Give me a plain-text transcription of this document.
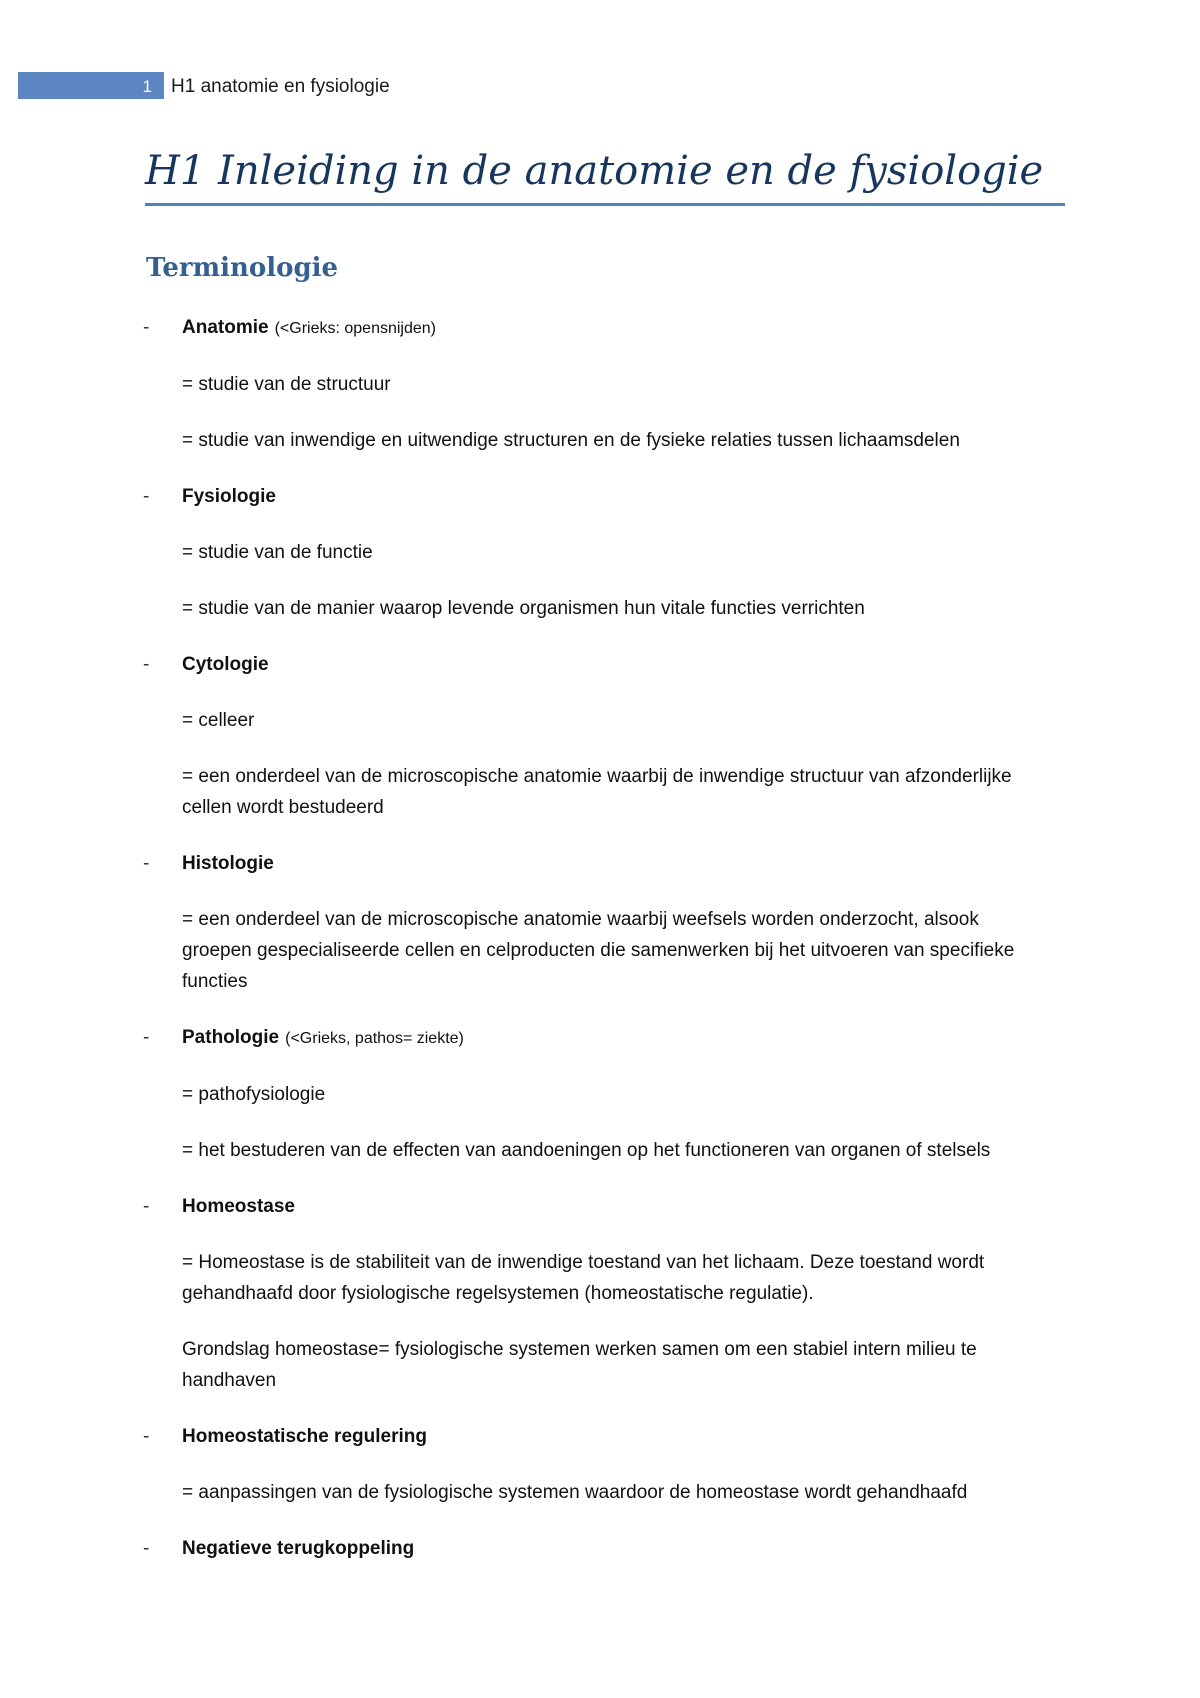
1 H1 anatomie en fysiologie
H1 Inleiding in de anatomie en de fysiologie
Terminologie
- Anatomie (<Grieks: opensnijden)

= studie van de structuur

= studie van inwendige en uitwendige structuren en de fysieke relaties tussen lichaamsdelen

- Fysiologie

= studie van de functie

= studie van de manier waarop levende organismen hun vitale functies verrichten

- Cytologie

= celleer

= een onderdeel van de microscopische anatomie waarbij de inwendige structuur van afzonderlijke cellen wordt bestudeerd

- Histologie

= een onderdeel van de microscopische anatomie waarbij weefsels worden onderzocht, alsook groepen gespecialiseerde cellen en celproducten die samenwerken bij het uitvoeren van specifieke functies

- Pathologie (<Grieks, pathos= ziekte)

= pathofysiologie

= het bestuderen van de effecten van aandoeningen op het functioneren van organen of stelsels

- Homeostase

= Homeostase is de stabiliteit van de inwendige toestand van het lichaam. Deze toestand wordt gehandhaafd door fysiologische regelsystemen (homeostatische regulatie).

Grondslag homeostase= fysiologische systemen werken samen om een stabiel intern milieu te handhaven

- Homeostatische regulering

= aanpassingen van de fysiologische systemen waardoor de homeostase wordt gehandhaafd

- Negatieve terugkoppeling
